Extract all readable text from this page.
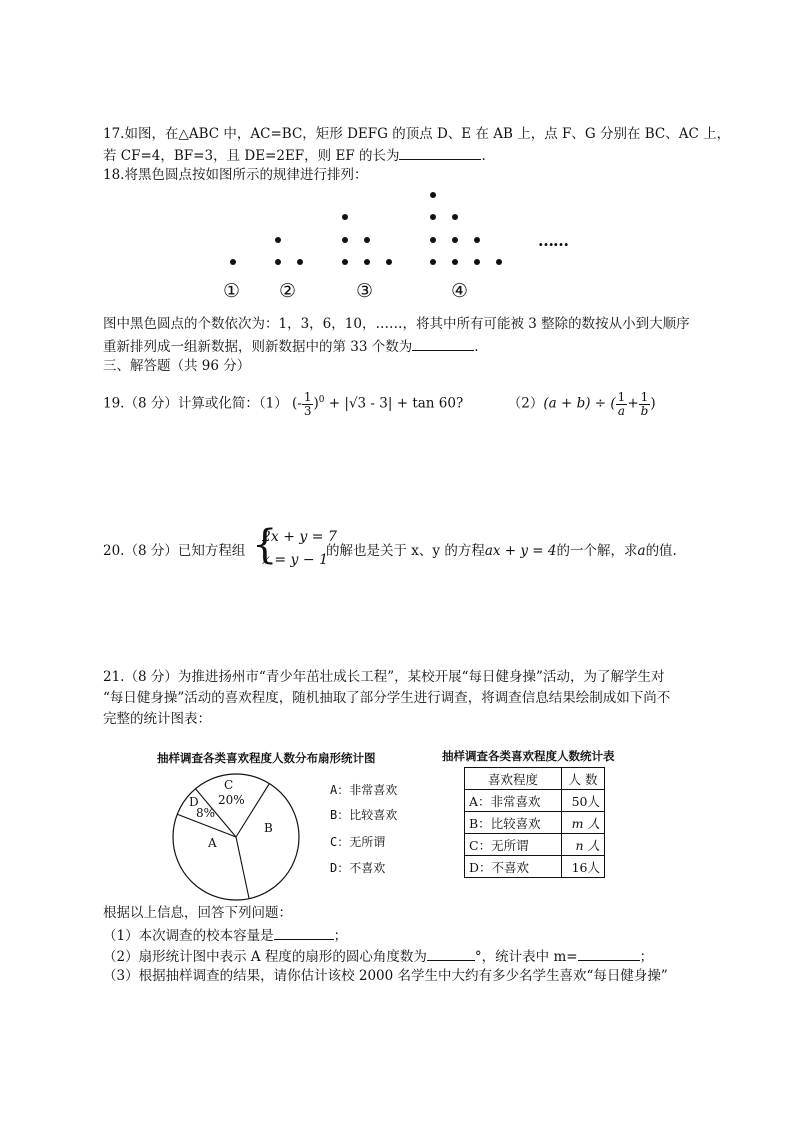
17.如图，在△ABC 中，AC=BC，矩形 DEFG 的顶点 D、E 在 AB 上，点 F、G 分别在 BC、AC 上，
若 CF=4，BF=3，且 DE=2EF，则 EF 的长为	.
18.将黑色圆点按如图所示的规律进行排列：
……
① ②	③	④
图中黑色圆点的个数依次为：1，3，6，10，……，将其中所有可能被 3 整除的数按从小到大顺序
重新排列成一组新数据，则新数据中的第 33 个数为	.
三、解答题（共 96 分）
19.（8 分）计算或化简：（1） (- $\frac{1}{3} )^0 + |√3 - 3| + \tan 60$?	（2）(a + b) ÷ ( $\frac{1}{a} + \frac{1}{b}$ )
20.（8 分）已知方程组 {
2x + y = 7
x = y − 1
的解也是关于 x、y 的方程ax + y = 4的一个解，求a的值.
21.（8 分）为推进扬州市“青少年茁壮成长工程”，某校开展“每日健身操”活动，为了解学生对
“每日健身操”活动的喜欢程度，随机抽取了部分学生进行调查，将调查信息结果绘制成如下尚不
完整的统计图表：
抽样调查各类喜欢程度人数分布扇形统计图
A
B
C
20%
D
8%
A：非常喜欢
B：比较喜欢
C：无所谓
D：不喜欢
抽样调查各类喜欢程度人数统计表
喜欢程度	人 数
A：非常喜欢	50人
B：比较喜欢	m 人
C：无所谓	n 人
D：不喜欢	16人
根据以上信息，回答下列问题：
（1）本次调查的校本容量是	；
（2）扇形统计图中表示 A 程度的扇形的圆心角度数为	°，统计表中 m=	；
（3）根据抽样调查的结果，请你估计该校 2000 名学生中大约有多少名学生喜欢“每日健身操”
